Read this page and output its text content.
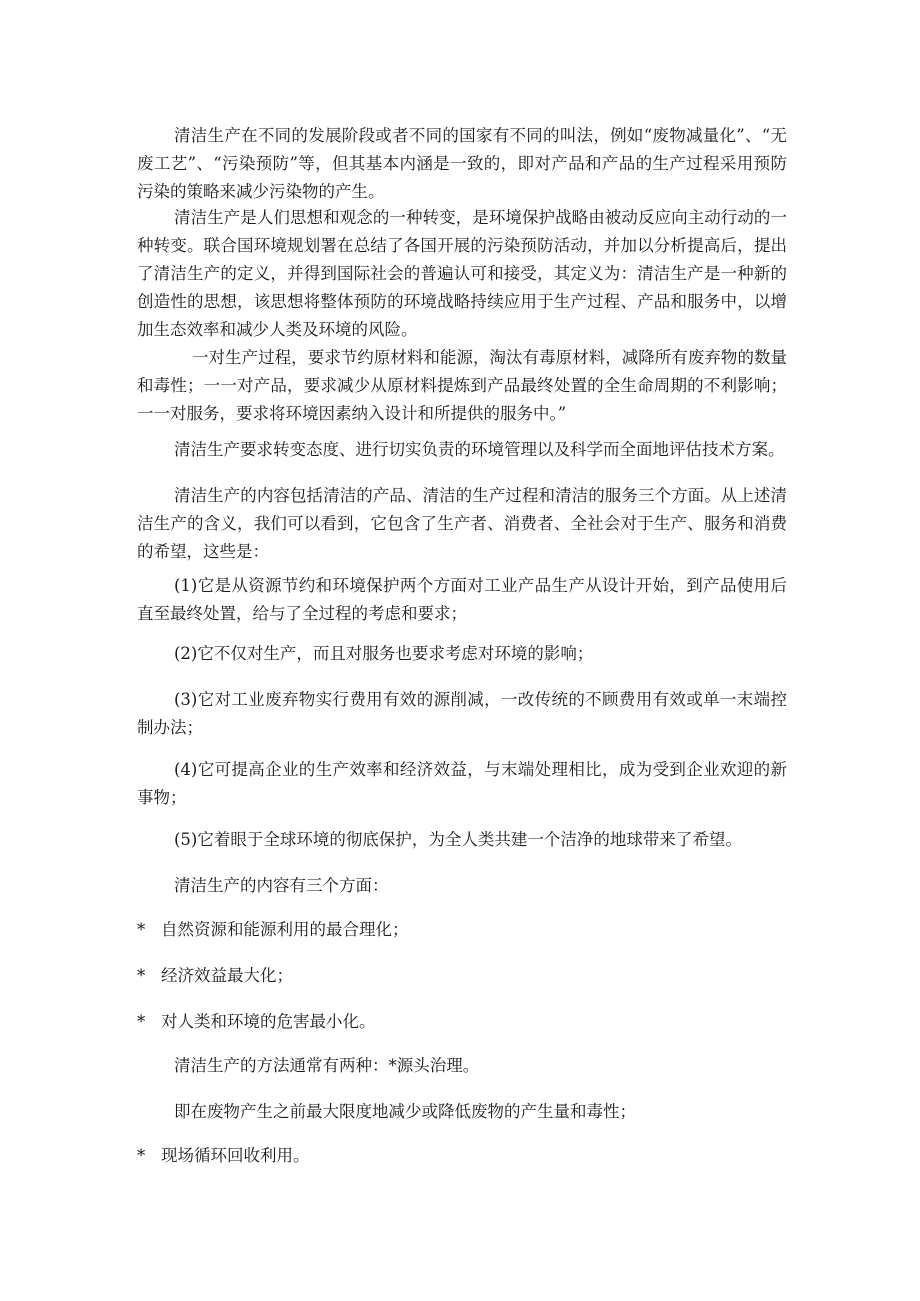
清洁生产在不同的发展阶段或者不同的国家有不同的叫法，例如“废物减量化”、“无废工艺”、“污染预防”等，但其基本内涵是一致的，即对产品和产品的生产过程采用预防污染的策略来减少污染物的产生。

清洁生产是人们思想和观念的一种转变，是环境保护战略由被动反应向主动行动的一种转变。联合国环境规划署在总结了各国开展的污染预防活动，并加以分析提高后，提出了清洁生产的定义，并得到国际社会的普遍认可和接受，其定义为：清洁生产是一种新的创造性的思想，该思想将整体预防的环境战略持续应用于生产过程、产品和服务中，以增加生态效率和减少人类及环境的风险。

一对生产过程，要求节约原材料和能源，淘汰有毒原材料，减降所有废弃物的数量和毒性；一一对产品，要求减少从原材料提炼到产品最终处置的全生命周期的不利影响；一一对服务，要求将环境因素纳入设计和所提供的服务中。”

清洁生产要求转变态度、进行切实负责的环境管理以及科学而全面地评估技术方案。

清洁生产的内容包括清洁的产品、清洁的生产过程和清洁的服务三个方面。从上述清洁生产的含义，我们可以看到，它包含了生产者、消费者、全社会对于生产、服务和消费的希望，这些是：

(1)它是从资源节约和环境保护两个方面对工业产品生产从设计开始，到产品使用后直至最终处置，给与了全过程的考虑和要求；

(2)它不仅对生产，而且对服务也要求考虑对环境的影响；

(3)它对工业废弃物实行费用有效的源削减，一改传统的不顾费用有效或单一末端控制办法；

(4)它可提高企业的生产效率和经济效益，与末端处理相比，成为受到企业欢迎的新事物；

(5)它着眼于全球环境的彻底保护，为全人类共建一个洁净的地球带来了希望。

清洁生产的内容有三个方面：

* 自然资源和能源利用的最合理化；

* 经济效益最大化；

* 对人类和环境的危害最小化。

清洁生产的方法通常有两种：*源头治理。

即在废物产生之前最大限度地减少或降低废物的产生量和毒性；

* 现场循环回收利用。
